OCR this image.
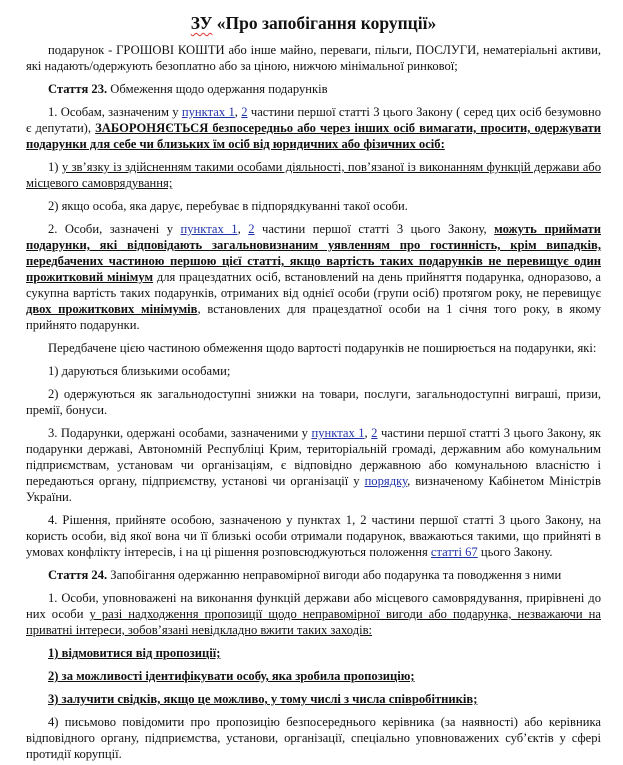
ЗУ «Про запобігання корупції»

подарунок - ГРОШОВІ КОШТИ або інше майно, переваги, пільги, ПОСЛУГИ, нематеріальні активи, які надають/одержують безоплатно або за ціною, нижчою мінімальної ринкової;

Стаття 23. Обмеження щодо одержання подарунків

1. Особам, зазначеним у пунктах 1, 2 частини першої статті 3 цього Закону ( серед цих осіб безумовно є депутати), ЗАБОРОНЯЄТЬСЯ безпосередньо або через інших осіб вимагати, просити, одержувати подарунки для себе чи близьких їм осіб від юридичних або фізичних осіб:

1) у зв’язку із здійсненням такими особами діяльності, пов’язаної із виконанням функцій держави або місцевого самоврядування;

2) якщо особа, яка дарує, перебуває в підпорядкуванні такої особи.

2. Особи, зазначені у пунктах 1, 2 частини першої статті 3 цього Закону, можуть приймати подарунки, які відповідають загальновизнаним уявленням про гостинність, крім випадків, передбачених частиною першою цієї статті, якщо вартість таких подарунків не перевищує один прожитковий мінімум для працездатних осіб, встановлений на день прийняття подарунка, одноразово, а сукупна вартість таких подарунків, отриманих від однієї особи (групи осіб) протягом року, не перевищує двох прожиткових мінімумів, встановлених для працездатної особи на 1 січня того року, в якому прийнято подарунки.

Передбачене цією частиною обмеження щодо вартості подарунків не поширюється на подарунки, які:

1) даруються близькими особами;

2) одержуються як загальнодоступні знижки на товари, послуги, загальнодоступні виграші, призи, премії, бонуси.

3. Подарунки, одержані особами, зазначеними у пунктах 1, 2 частини першої статті 3 цього Закону, як подарунки державі, Автономній Республіці Крим, територіальній громаді, державним або комунальним підприємствам, установам чи організаціям, є відповідно державною або комунальною власністю і передаються органу, підприємству, установі чи організації у порядку, визначеному Кабінетом Міністрів України.

4. Рішення, прийняте особою, зазначеною у пунктах 1, 2 частини першої статті 3 цього Закону, на користь особи, від якої вона чи її близькі особи отримали подарунок, вважаються такими, що прийняті в умовах конфлікту інтересів, і на ці рішення розповсюджуються положення статті 67 цього Закону.

Стаття 24. Запобігання одержанню неправомірної вигоди або подарунка та поводження з ними

1. Особи, уповноважені на виконання функцій держави або місцевого самоврядування, прирівнені до них особи у разі надходження пропозиції щодо неправомірної вигоди або подарунка, незважаючи на приватні інтереси, зобов’язані невідкладно вжити таких заходів:

1) відмовитися від пропозиції;

2) за можливості ідентифікувати особу, яка зробила пропозицію;

3) залучити свідків, якщо це можливо, у тому числі з числа співробітників;

4) письмово повідомити про пропозицію безпосереднього керівника (за наявності) або керівника відповідного органу, підприємства, установи, організації, спеціально уповноважених суб’єктів у сфері протидії корупції.
